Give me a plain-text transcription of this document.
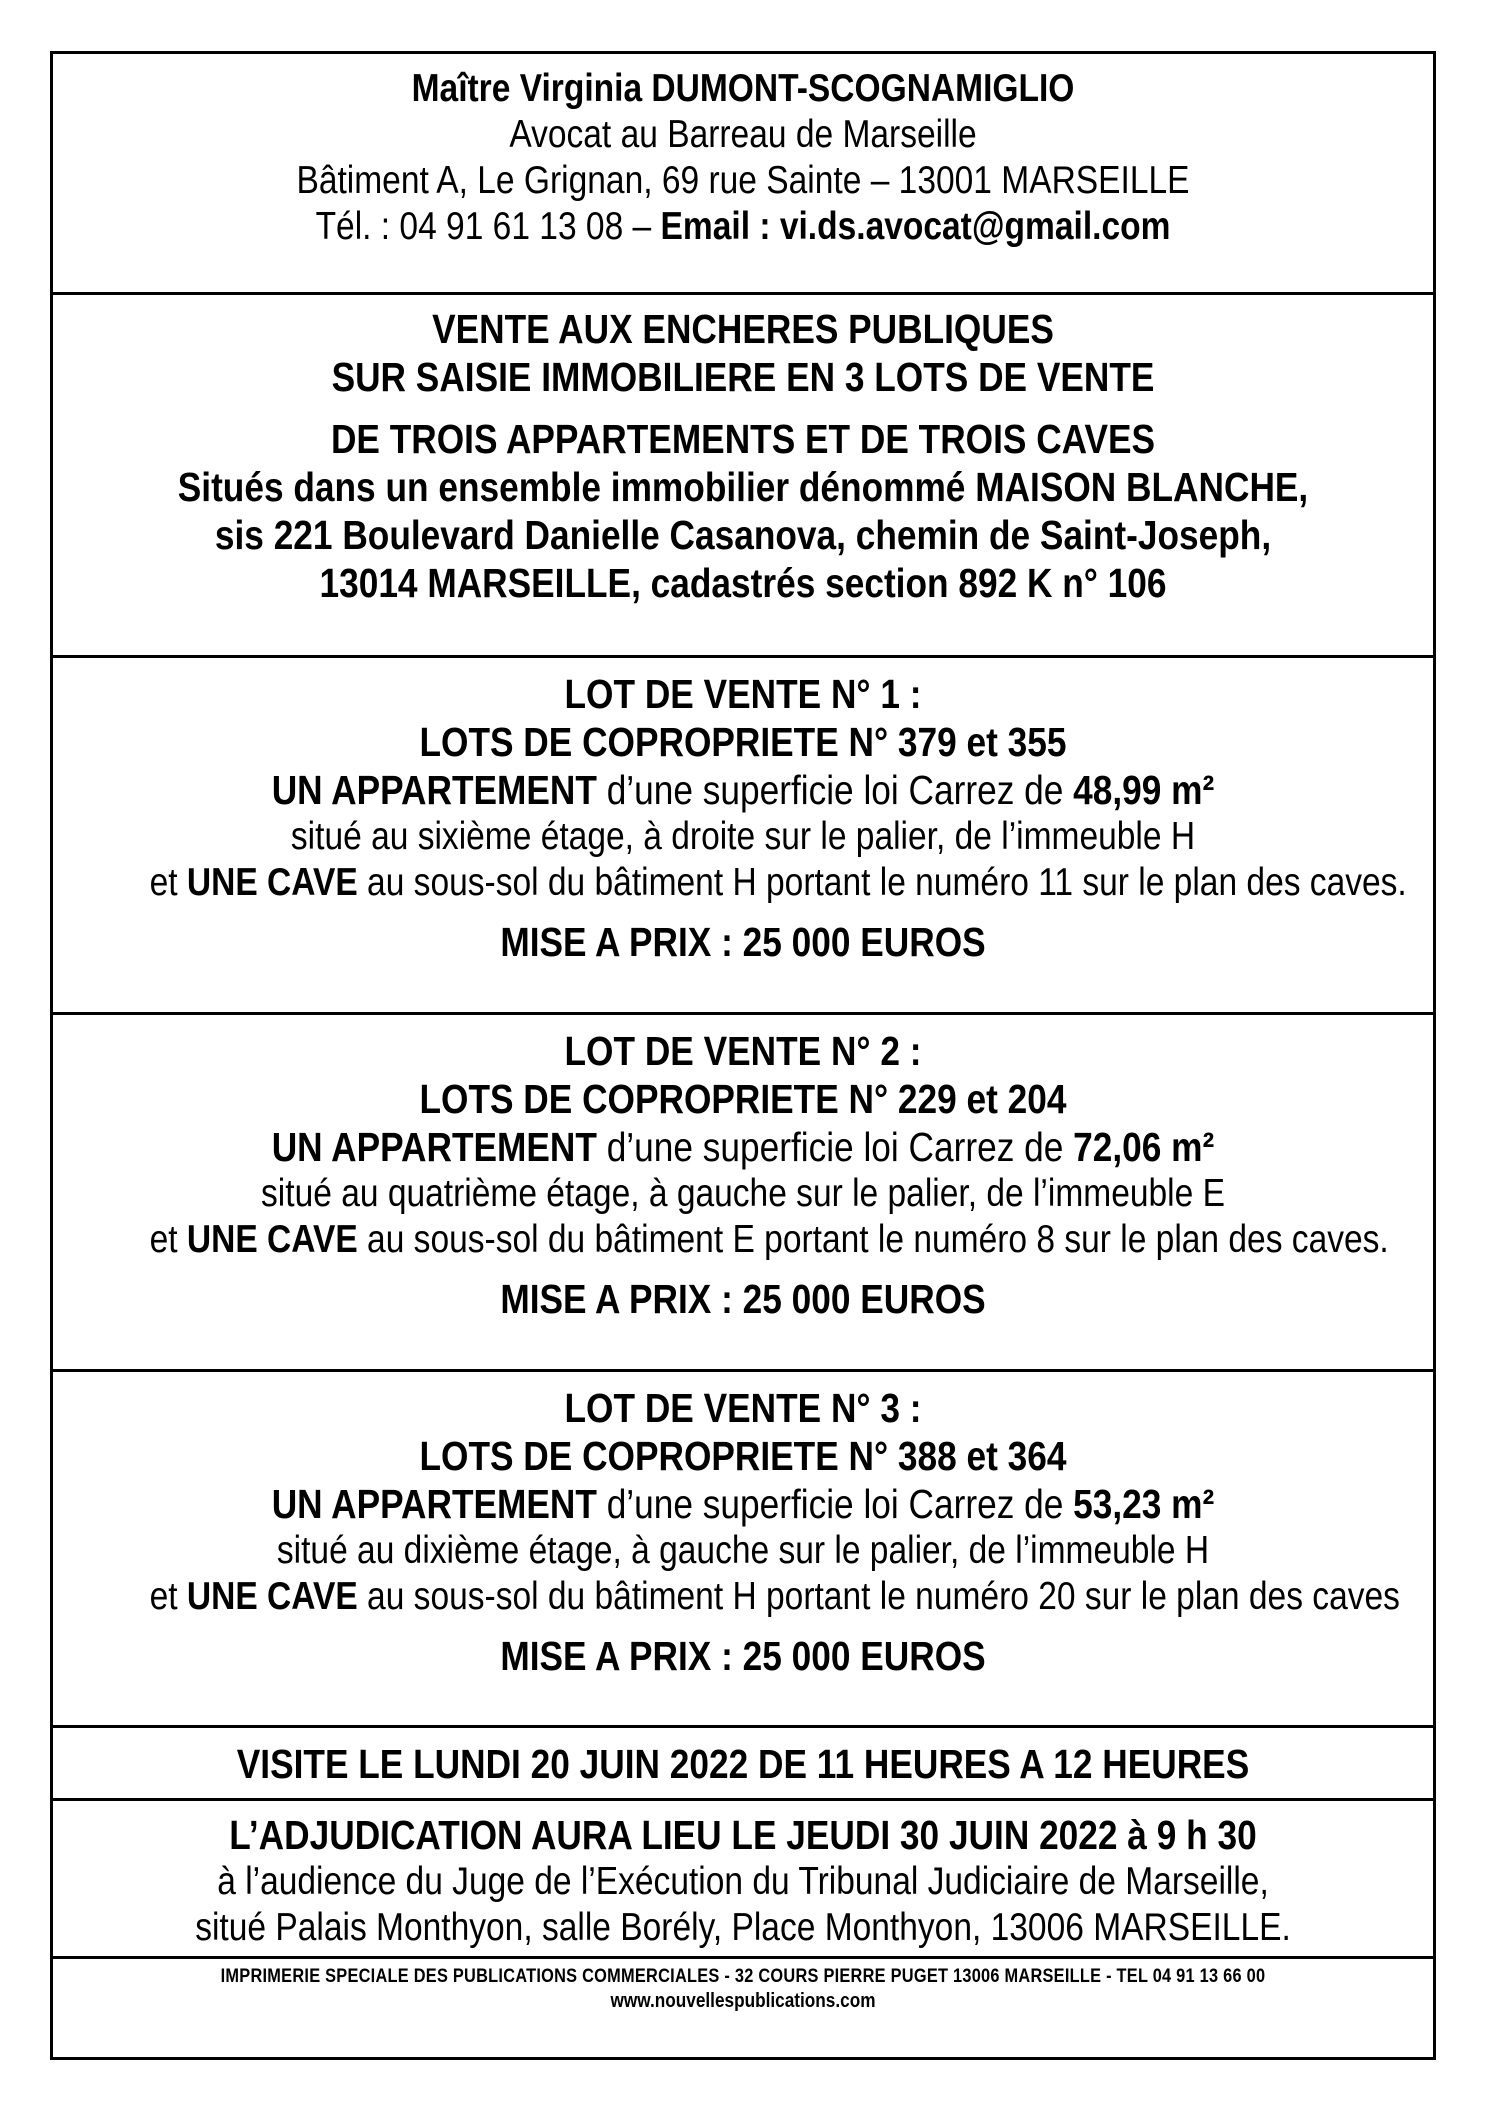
Maître Virginia DUMONT-SCOGNAMIGLIO
Avocat au Barreau de Marseille
Bâtiment A, Le Grignan, 69 rue Sainte – 13001 MARSEILLE
Tél. : 04 91 61 13 08 – Email : vi.ds.avocat@gmail.com
VENTE AUX ENCHERES PUBLIQUES
SUR SAISIE IMMOBILIERE EN 3 LOTS DE VENTE
DE TROIS APPARTEMENTS ET DE TROIS CAVES
Situés dans un ensemble immobilier dénommé MAISON BLANCHE,
sis 221 Boulevard Danielle Casanova, chemin de Saint-Joseph,
13014 MARSEILLE, cadastrés section 892 K n° 106
LOT DE VENTE N° 1 :
LOTS DE COPROPRIETE N° 379 et 355
UN APPARTEMENT d’une superficie loi Carrez de 48,99 m²
situé au sixième étage, à droite sur le palier, de l’immeuble H
et UNE CAVE au sous-sol du bâtiment H portant le numéro 11 sur le plan des caves.
MISE A PRIX : 25 000 EUROS
LOT DE VENTE N° 2 :
LOTS DE COPROPRIETE N° 229 et 204
UN APPARTEMENT d’une superficie loi Carrez de 72,06 m²
situé au quatrième étage, à gauche sur le palier, de l’immeuble E
et UNE CAVE au sous-sol du bâtiment E portant le numéro 8 sur le plan des caves.
MISE A PRIX : 25 000 EUROS
LOT DE VENTE N° 3 :
LOTS DE COPROPRIETE N° 388 et 364
UN APPARTEMENT d’une superficie loi Carrez de 53,23 m²
situé au dixième étage, à gauche sur le palier, de l’immeuble H
et UNE CAVE au sous-sol du bâtiment H portant le numéro 20 sur le plan des caves
MISE A PRIX : 25 000 EUROS
VISITE LE LUNDI 20 JUIN 2022 DE 11 HEURES A 12 HEURES
L’ADJUDICATION AURA LIEU LE JEUDI 30 JUIN 2022 à 9 h 30
à l’audience du Juge de l’Exécution du Tribunal Judiciaire de Marseille,
situé Palais Monthyon, salle Borély, Place Monthyon, 13006 MARSEILLE.
IMPRIMERIE SPECIALE DES PUBLICATIONS COMMERCIALES - 32 COURS PIERRE PUGET 13006 MARSEILLE - TEL 04 91 13 66 00
www.nouvellespublications.com
